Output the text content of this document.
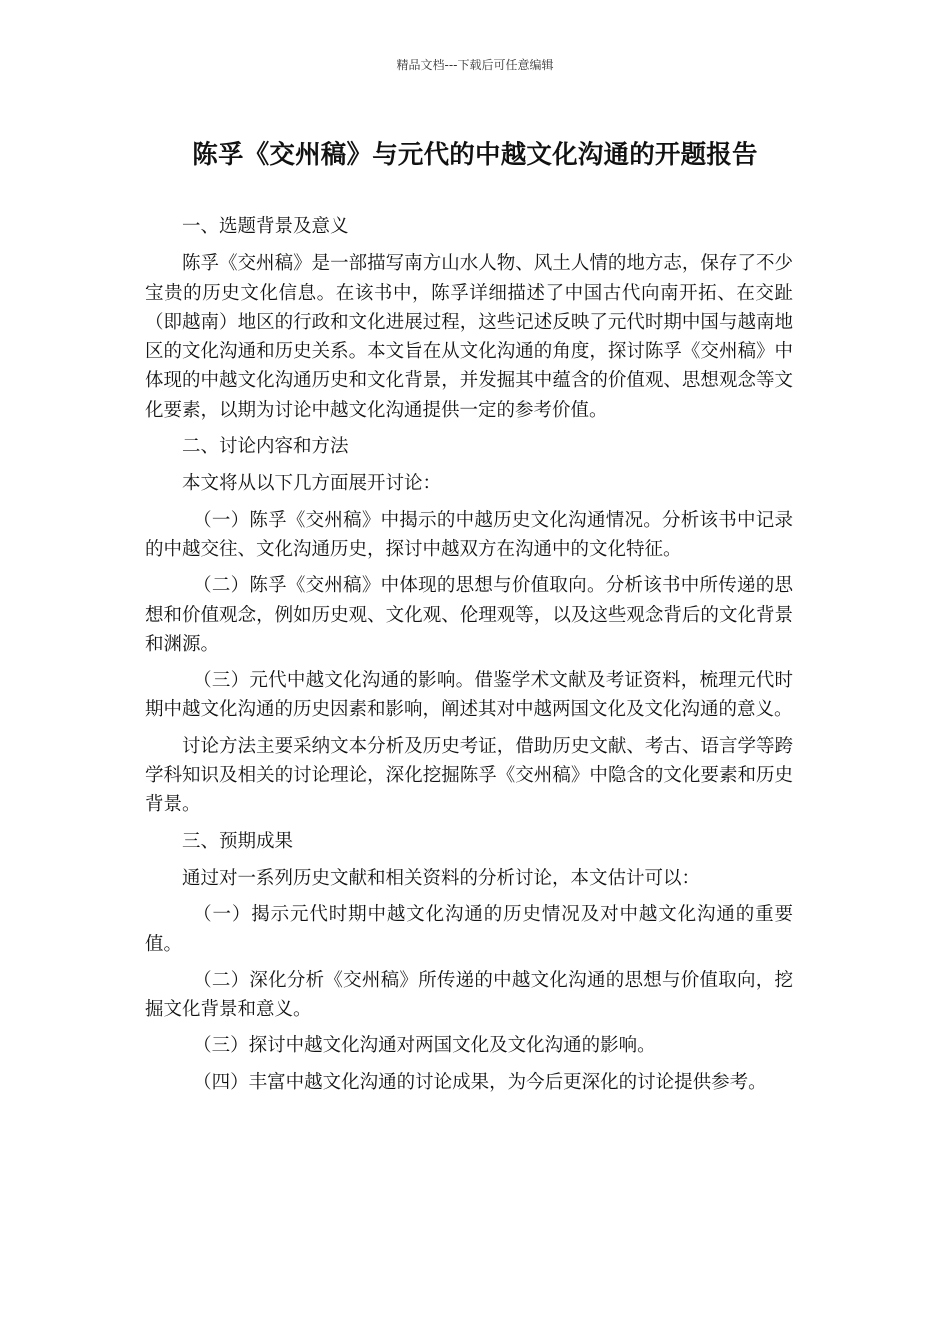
精品文档---下载后可任意编辑
陈孚《交州稿》与元代的中越文化沟通的开题报告

一、选题背景及意义

陈孚《交州稿》是一部描写南方山水人物、风土人情的地方志，保存了不少宝贵的历史文化信息。在该书中，陈孚详细描述了中国古代向南开拓、在交趾（即越南）地区的行政和文化进展过程，这些记述反映了元代时期中国与越南地区的文化沟通和历史关系。本文旨在从文化沟通的角度，探讨陈孚《交州稿》中体现的中越文化沟通历史和文化背景，并发掘其中蕴含的价值观、思想观念等文化要素，以期为讨论中越文化沟通提供一定的参考价值。

二、讨论内容和方法

本文将从以下几方面展开讨论：

（一）陈孚《交州稿》中揭示的中越历史文化沟通情况。分析该书中记录的中越交往、文化沟通历史，探讨中越双方在沟通中的文化特征。

（二）陈孚《交州稿》中体现的思想与价值取向。分析该书中所传递的思想和价值观念，例如历史观、文化观、伦理观等，以及这些观念背后的文化背景和渊源。

（三）元代中越文化沟通的影响。借鉴学术文献及考证资料，梳理元代时期中越文化沟通的历史因素和影响，阐述其对中越两国文化及文化沟通的意义。

讨论方法主要采纳文本分析及历史考证，借助历史文献、考古、语言学等跨学科知识及相关的讨论理论，深化挖掘陈孚《交州稿》中隐含的文化要素和历史背景。

三、预期成果

通过对一系列历史文献和相关资料的分析讨论，本文估计可以：

（一）揭示元代时期中越文化沟通的历史情况及对中越文化沟通的重要值。

（二）深化分析《交州稿》所传递的中越文化沟通的思想与价值取向，挖掘文化背景和意义。

（三）探讨中越文化沟通对两国文化及文化沟通的影响。

（四）丰富中越文化沟通的讨论成果，为今后更深化的讨论提供参考。
